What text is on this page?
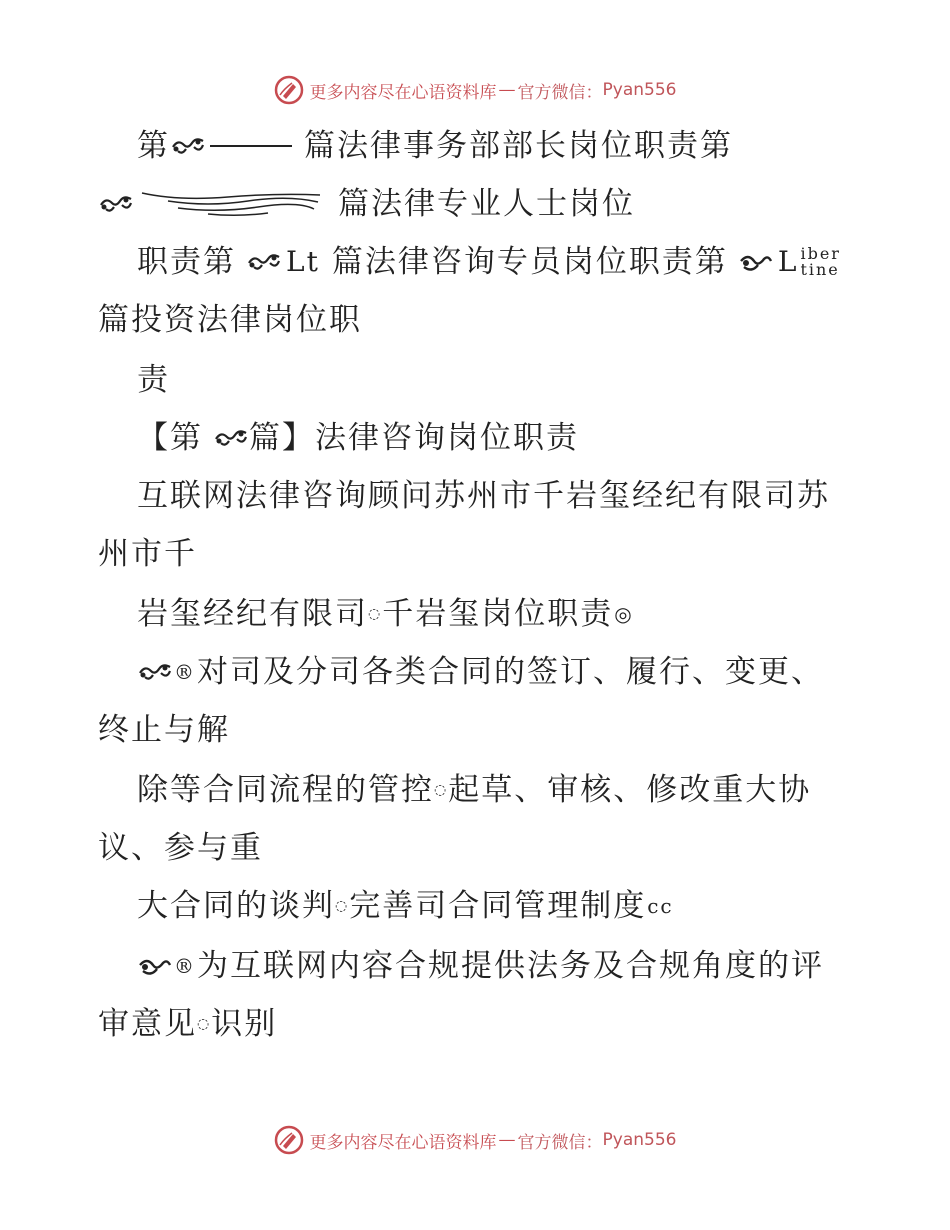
更多内容尽在心语资料库 — 官方微信： Pyan556
第	篇法律事务部部长岗位职责第
篇法律专业人士岗位
职责第 Lt 篇法律咨询专员岗位职责第 L iber
tine
篇投资法律岗位职
责
【第 篇】法律咨询岗位职责
互联网法律咨询顾问苏州市千岩玺经纪有限司苏
州市千
岩玺经纪有限司 ◌ 千岩玺岗位职责 ◎
® 对司及分司各类合同的签订、履行、变更、
终止与解
除等合同流程的管控 ◌ 起草、审核、修改重大协
议、参与重
大合同的谈判 ◌ 完善司合同管理制度 cc
® 为互联网内容合规提供法务及合规角度的评
审意见 ◌ 识别
更多内容尽在心语资料库 — 官方微信： Pyan556
